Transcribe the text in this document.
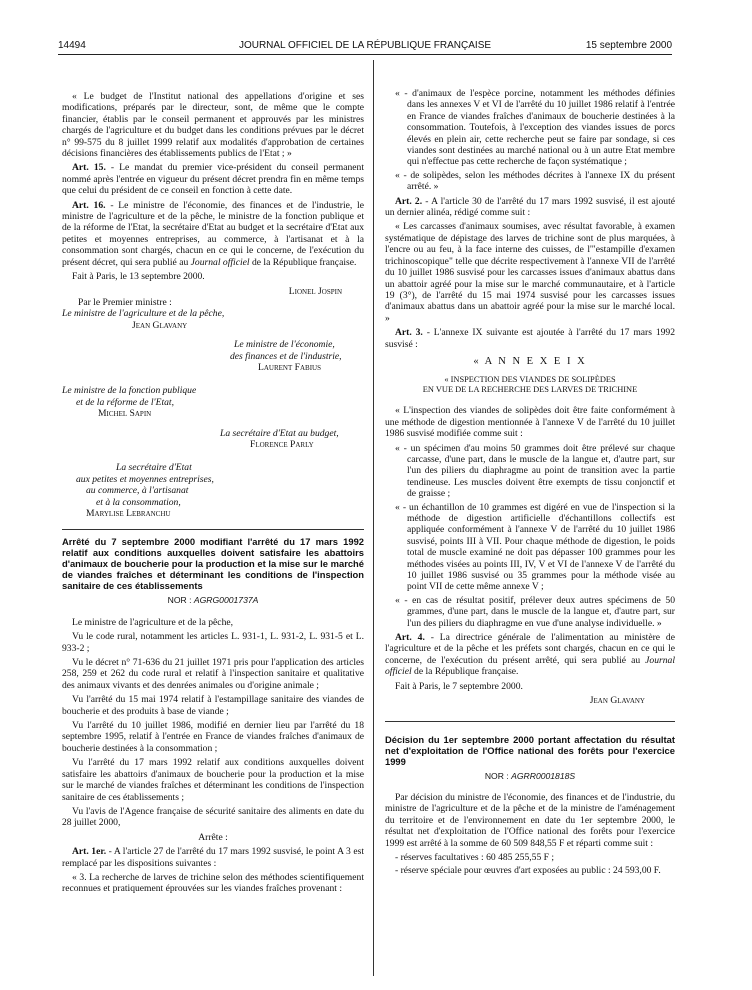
14494	JOURNAL OFFICIEL DE LA RÉPUBLIQUE FRANÇAISE	15 septembre 2000

« Le budget de l'Institut national des appellations d'origine et ses modifications, préparés par le directeur, sont, de même que le compte financier, établis par le conseil permanent et approuvés par les ministres chargés de l'agriculture et du budget dans les conditions prévues par le décret n° 99-575 du 8 juillet 1999 relatif aux modalités d'approbation de certaines décisions financières des établissements publics de l'Etat ; »

Art. 15. - Le mandat du premier vice-président du conseil permanent nommé après l'entrée en vigueur du présent décret prendra fin en même temps que celui du président de ce conseil en fonction à cette date.

Art. 16. - Le ministre de l'économie, des finances et de l'industrie, le ministre de l'agriculture et de la pêche, le ministre de la fonction publique et de la réforme de l'Etat, la secrétaire d'Etat au budget et la secrétaire d'Etat aux petites et moyennes entreprises, au commerce, à l'artisanat et à la consommation sont chargés, chacun en ce qui le concerne, de l'exécution du présent décret, qui sera publié au Journal officiel de la République française.

Fait à Paris, le 13 septembre 2000.

Lionel Jospin
Par le Premier ministre :
Le ministre de l'agriculture et de la pêche,
Jean Glavany
Le ministre de l'économie,
des finances et de l'industrie,
Laurent Fabius
Le ministre de la fonction publique
et de la réforme de l'Etat,
Michel Sapin
La secrétaire d'Etat au budget,
Florence Parly
La secrétaire d'Etat
aux petites et moyennes entreprises,
au commerce, à l'artisanat
et à la consommation,
Marylise Lebranchu
Arrêté du 7 septembre 2000 modifiant l'arrêté du 17 mars 1992 relatif aux conditions auxquelles doivent satisfaire les abattoirs d'animaux de boucherie pour la production et la mise sur le marché de viandes fraîches et déterminant les conditions de l'inspection sanitaire de ces établissements
NOR : AGRG0001737A

Le ministre de l'agriculture et de la pêche,

Vu le code rural, notamment les articles L. 931-1, L. 931-2, L. 931-5 et L. 933-2 ;

Vu le décret n° 71-636 du 21 juillet 1971 pris pour l'application des articles 258, 259 et 262 du code rural et relatif à l'inspection sanitaire et qualitative des animaux vivants et des denrées animales ou d'origine animale ;

Vu l'arrêté du 15 mai 1974 relatif à l'estampillage sanitaire des viandes de boucherie et des produits à base de viande ;

Vu l'arrêté du 10 juillet 1986, modifié en dernier lieu par l'arrêté du 18 septembre 1995, relatif à l'entrée en France de viandes fraîches d'animaux de boucherie destinées à la consommation ;

Vu l'arrêté du 17 mars 1992 relatif aux conditions auxquelles doivent satisfaire les abattoirs d'animaux de boucherie pour la production et la mise sur le marché de viandes fraîches et déterminant les conditions de l'inspection sanitaire de ces établissements ;

Vu l'avis de l'Agence française de sécurité sanitaire des aliments en date du 28 juillet 2000,

Arrête :

Art. 1er. - A l'article 27 de l'arrêté du 17 mars 1992 susvisé, le point A 3 est remplacé par les dispositions suivantes :

« 3. La recherche de larves de trichine selon des méthodes scientifiquement reconnues et pratiquement éprouvées sur les viandes fraîches provenant :

« - d'animaux de l'espèce porcine, notamment les méthodes définies dans les annexes V et VI de l'arrêté du 10 juillet 1986 relatif à l'entrée en France de viandes fraîches d'animaux de boucherie destinées à la consommation. Toutefois, à l'exception des viandes issues de porcs élevés en plein air, cette recherche peut se faire par sondage, si ces viandes sont destinées au marché national ou à un autre Etat membre qui n'effectue pas cette recherche de façon systématique ;
« - de solipèdes, selon les méthodes décrites à l'annexe IX du présent arrêté. »

Art. 2. - A l'article 30 de l'arrêté du 17 mars 1992 susvisé, il est ajouté un dernier alinéa, rédigé comme suit :

« Les carcasses d'animaux soumises, avec résultat favorable, à examen systématique de dépistage des larves de trichine sont de plus marquées, à l'encre ou au feu, à la face interne des cuisses, de l'"estampille d'examen trichinoscopique" telle que décrite respectivement à l'annexe VII de l'arrêté du 10 juillet 1986 susvisé pour les carcasses issues d'animaux abattus dans un abattoir agréé pour la mise sur le marché communautaire, et à l'article 19 (3°), de l'arrêté du 15 mai 1974 susvisé pour les carcasses issues d'animaux abattus dans un abattoir agréé pour la mise sur le marché local. »

Art. 3. - L'annexe IX suivante est ajoutée à l'arrêté du 17 mars 1992 susvisé :

« A N N E X E I X
« INSPECTION DES VIANDES DE SOLIPÈDES
EN VUE DE LA RECHERCHE DES LARVES DE TRICHINE

« L'inspection des viandes de solipèdes doit être faite conformément à une méthode de digestion mentionnée à l'annexe V de l'arrêté du 10 juillet 1986 susvisé modifiée comme suit :

« - un spécimen d'au moins 50 grammes doit être prélevé sur chaque carcasse, d'une part, dans le muscle de la langue et, d'autre part, sur l'un des piliers du diaphragme au point de transition avec la partie tendineuse. Les muscles doivent être exempts de tissu conjonctif et de graisse ;
« - un échantillon de 10 grammes est digéré en vue de l'inspection si la méthode de digestion artificielle d'échantillons collectifs est appliquée conformément à l'annexe V de l'arrêté du 10 juillet 1986 susvisé, points III à VII. Pour chaque méthode de digestion, le poids total de muscle examiné ne doit pas dépasser 100 grammes pour les méthodes visées au points III, IV, V et VI de l'annexe V de l'arrêté du 10 juillet 1986 susvisé ou 35 grammes pour la méthode visée au point VII de cette même annexe V ;
« - en cas de résultat positif, prélever deux autres spécimens de 50 grammes, d'une part, dans le muscle de la langue et, d'autre part, sur l'un des piliers du diaphragme en vue d'une analyse individuelle. »

Art. 4. - La directrice générale de l'alimentation au ministère de l'agriculture et de la pêche et les préfets sont chargés, chacun en ce qui le concerne, de l'exécution du présent arrêté, qui sera publié au Journal officiel de la République française.

Fait à Paris, le 7 septembre 2000.

Jean Glavany
Décision du 1er septembre 2000 portant affectation du résultat net d'exploitation de l'Office national des forêts pour l'exercice 1999
NOR : AGRR0001818S

Par décision du ministre de l'économie, des finances et de l'industrie, du ministre de l'agriculture et de la pêche et de la ministre de l'aménagement du territoire et de l'environnement en date du 1er septembre 2000, le résultat net d'exploitation de l'Office national des forêts pour l'exercice 1999 est arrêté à la somme de 60 509 848,55 F et réparti comme suit :

- réserves facultatives : 60 485 255,55 F ;
- réserve spéciale pour œuvres d'art exposées au public : 24 593,00 F.
